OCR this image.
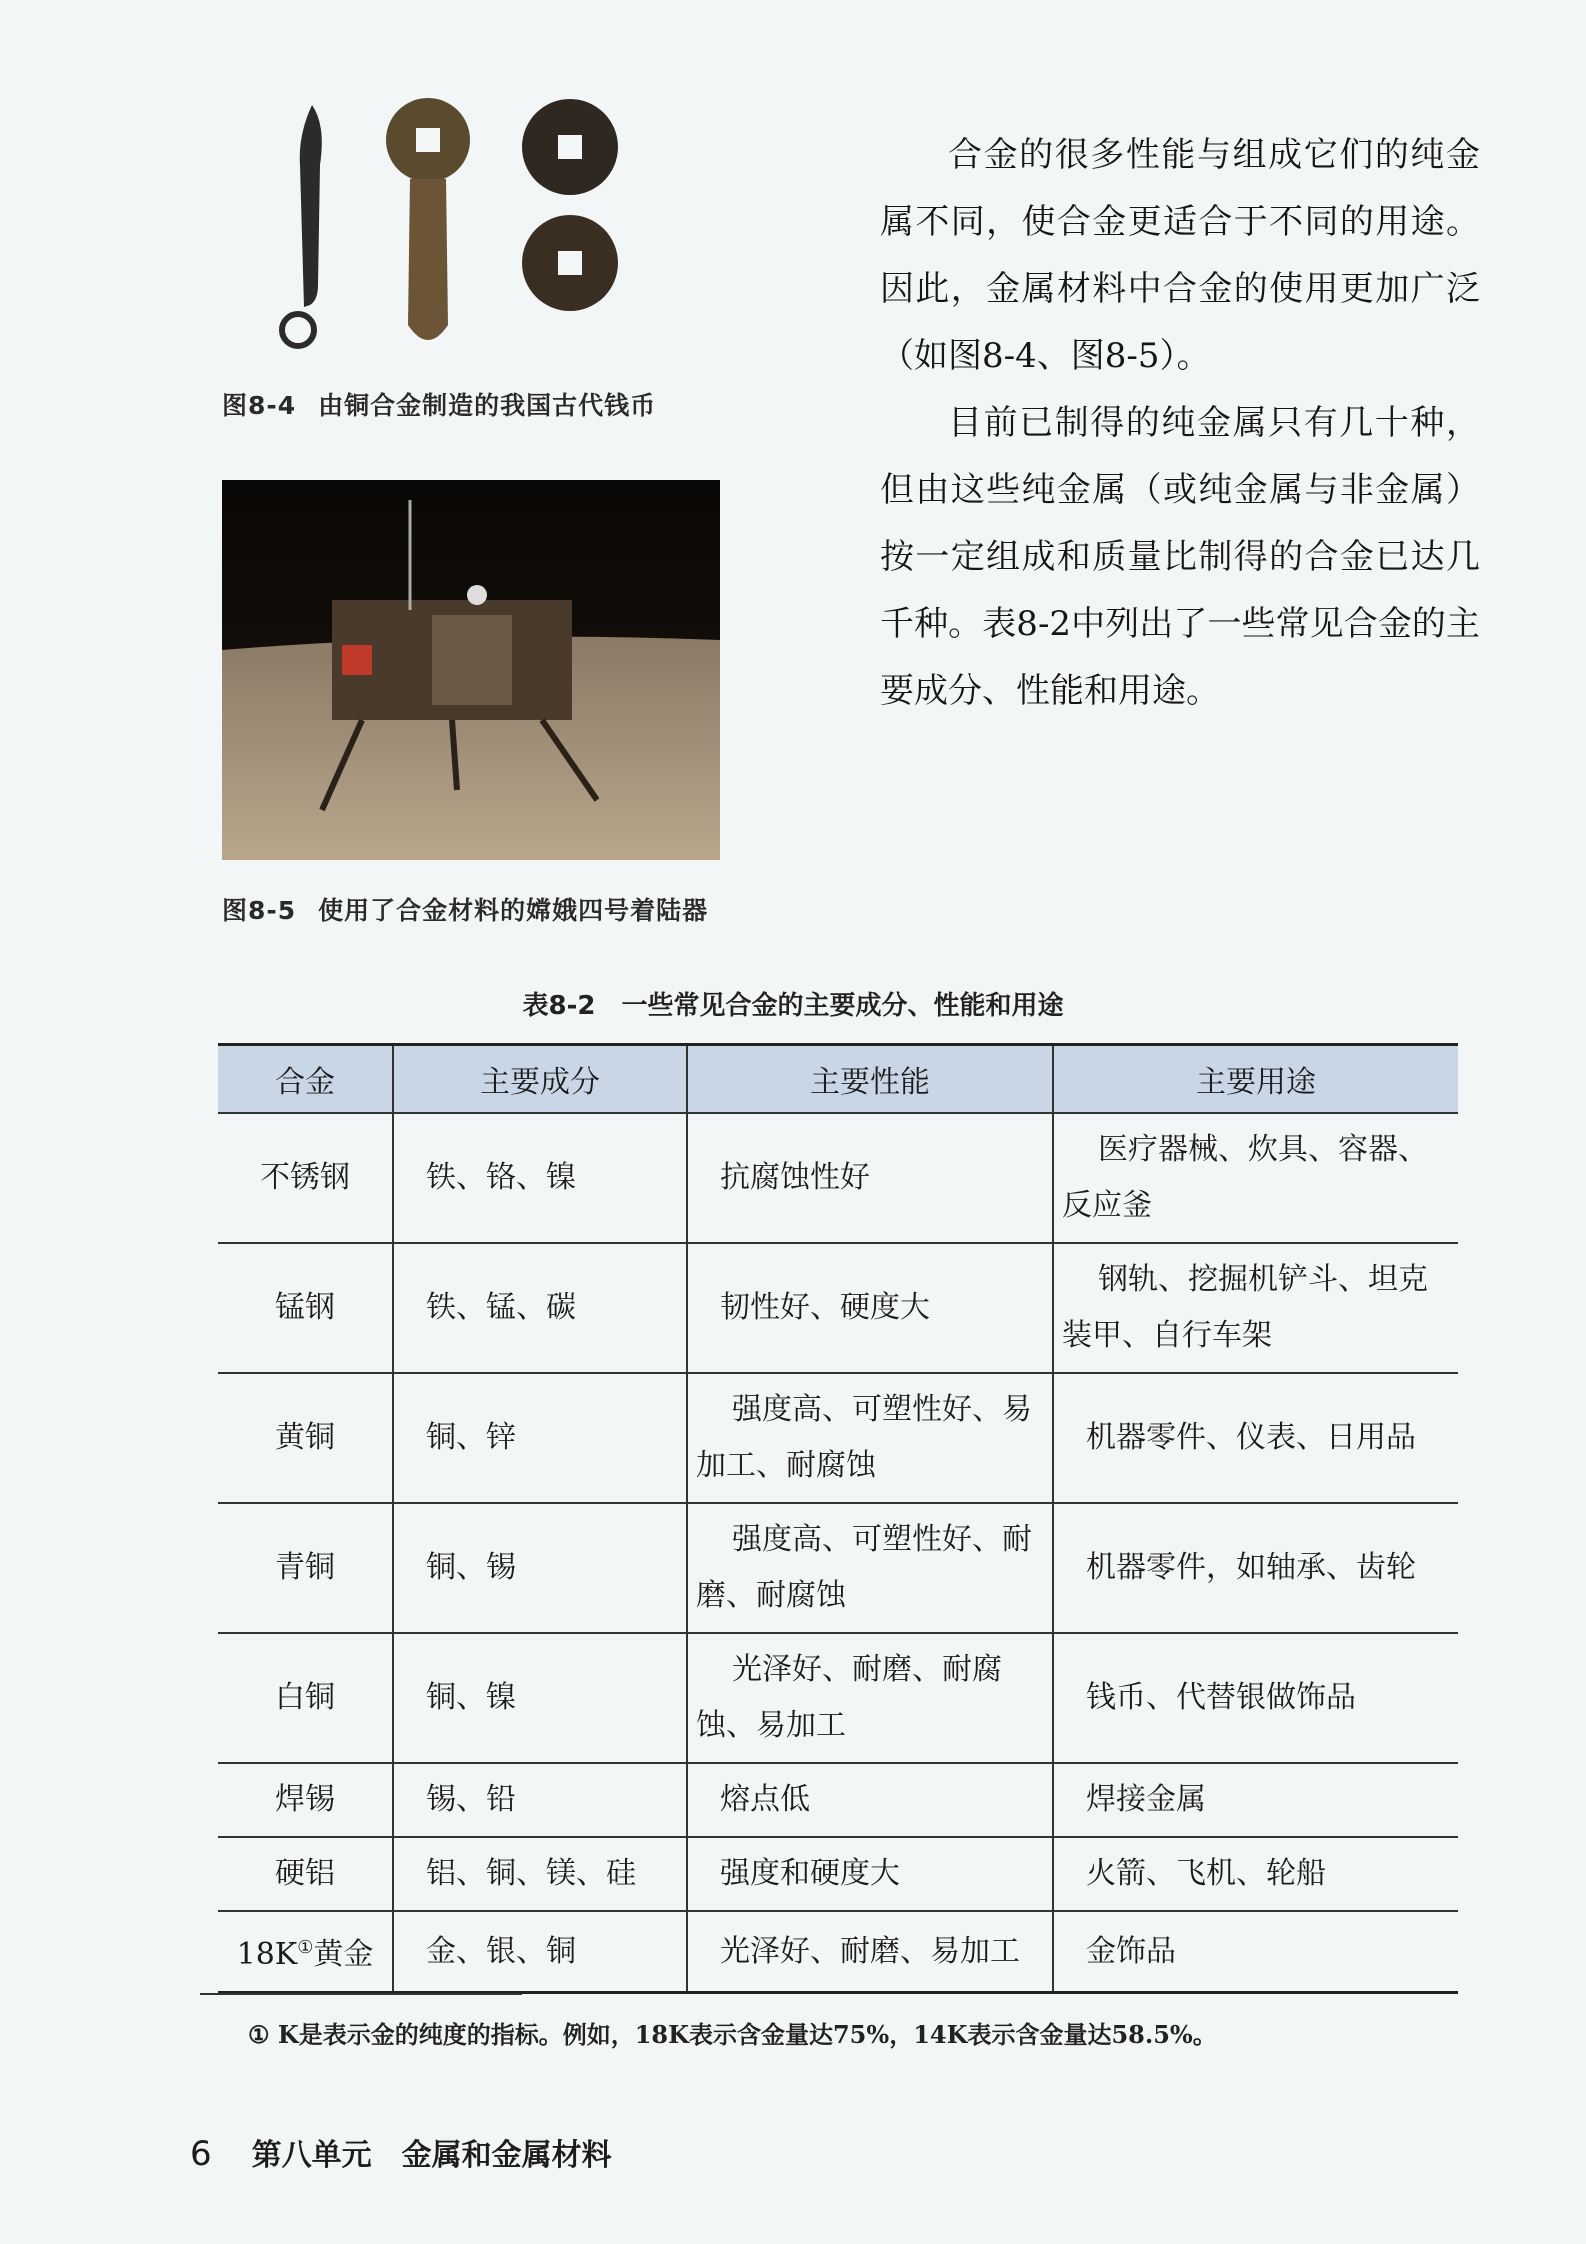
图8-4 由铜合金制造的我国古代钱币
图8-5 使用了合金材料的嫦娥四号着陆器

合金的很多性能与组成它们的纯金属不同，使合金更适合于不同的用途。因此，金属材料中合金的使用更加广泛（如图8-4、图8-5）。

目前已制得的纯金属只有几十种，但由这些纯金属（或纯金属与非金属）按一定组成和质量比制得的合金已达几千种。表8-2中列出了一些常见合金的主要成分、性能和用途。

表8-2　一些常见合金的主要成分、性能和用途
合金	主要成分	主要性能	主要用途
不锈钢	铁、铬、镍	抗腐蚀性好	医疗器械、炊具、容器、反应釜
锰钢	铁、锰、碳	韧性好、硬度大	钢轨、挖掘机铲斗、坦克装甲、自行车架
黄铜	铜、锌	强度高、可塑性好、易加工、耐腐蚀	机器零件、仪表、日用品
青铜	铜、锡	强度高、可塑性好、耐磨、耐腐蚀	机器零件，如轴承、齿轮
白铜	铜、镍	光泽好、耐磨、耐腐蚀、易加工	钱币、代替银做饰品
焊锡	锡、铅	熔点低	焊接金属
硬铝	铝、铜、镁、硅	强度和硬度大	火箭、飞机、轮船
18K①黄金	金、银、铜	光泽好、耐磨、易加工	金饰品
① K是表示金的纯度的指标。例如，18K表示含金量达75%，14K表示含金量达58.5%。
6 第八单元　金属和金属材料
